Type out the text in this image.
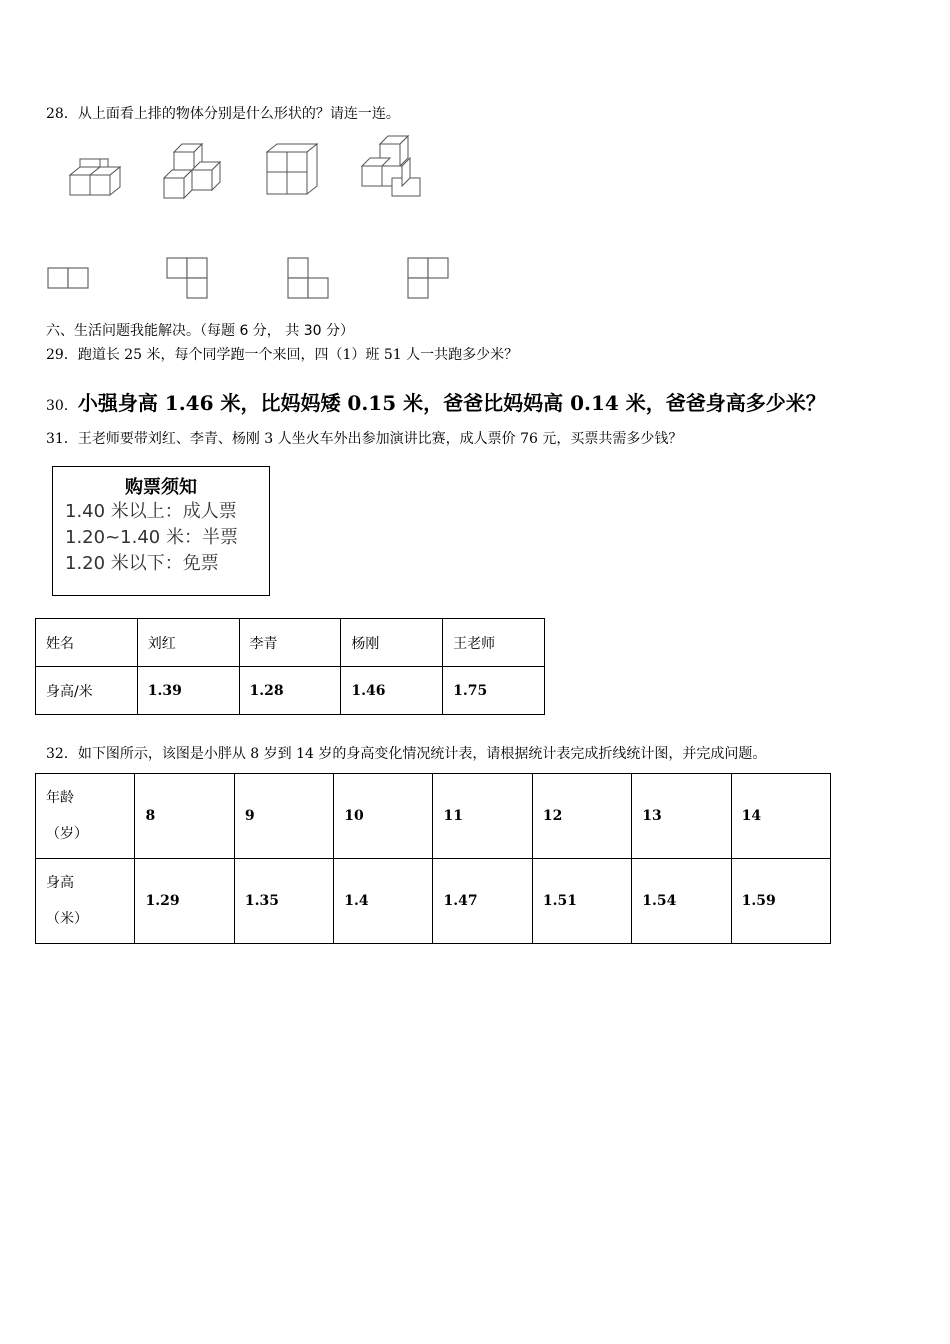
28．从上面看上排的物体分别是什么形状的？请连一连。
六、生活问题我能解决。（每题 6 分， 共 30 分）
29．跑道长 25 米，每个同学跑一个来回，四（1）班 51 人一共跑多少米？
30．小强身高 1.46 米，比妈妈矮 0.15 米，爸爸比妈妈高 0.14 米，爸爸身高多少米？
31．王老师要带刘红、李青、杨刚 3 人坐火车外出参加演讲比赛，成人票价 76 元，买票共需多少钱？
购票须知
1.40 米以上：成人票
1.20~1.40 米：半票
1.20 米以下：免票
姓名	刘红	李青	杨刚	王老师
身高/米	1.39	1.28	1.46	1.75
32．如下图所示，该图是小胖从 8 岁到 14 岁的身高变化情况统计表，请根据统计表完成折线统计图，并完成问题。
年龄
（岁）	8	9	10	11	12	13	14
身高
（米）	1.29	1.35	1.4	1.47	1.51	1.54	1.59
